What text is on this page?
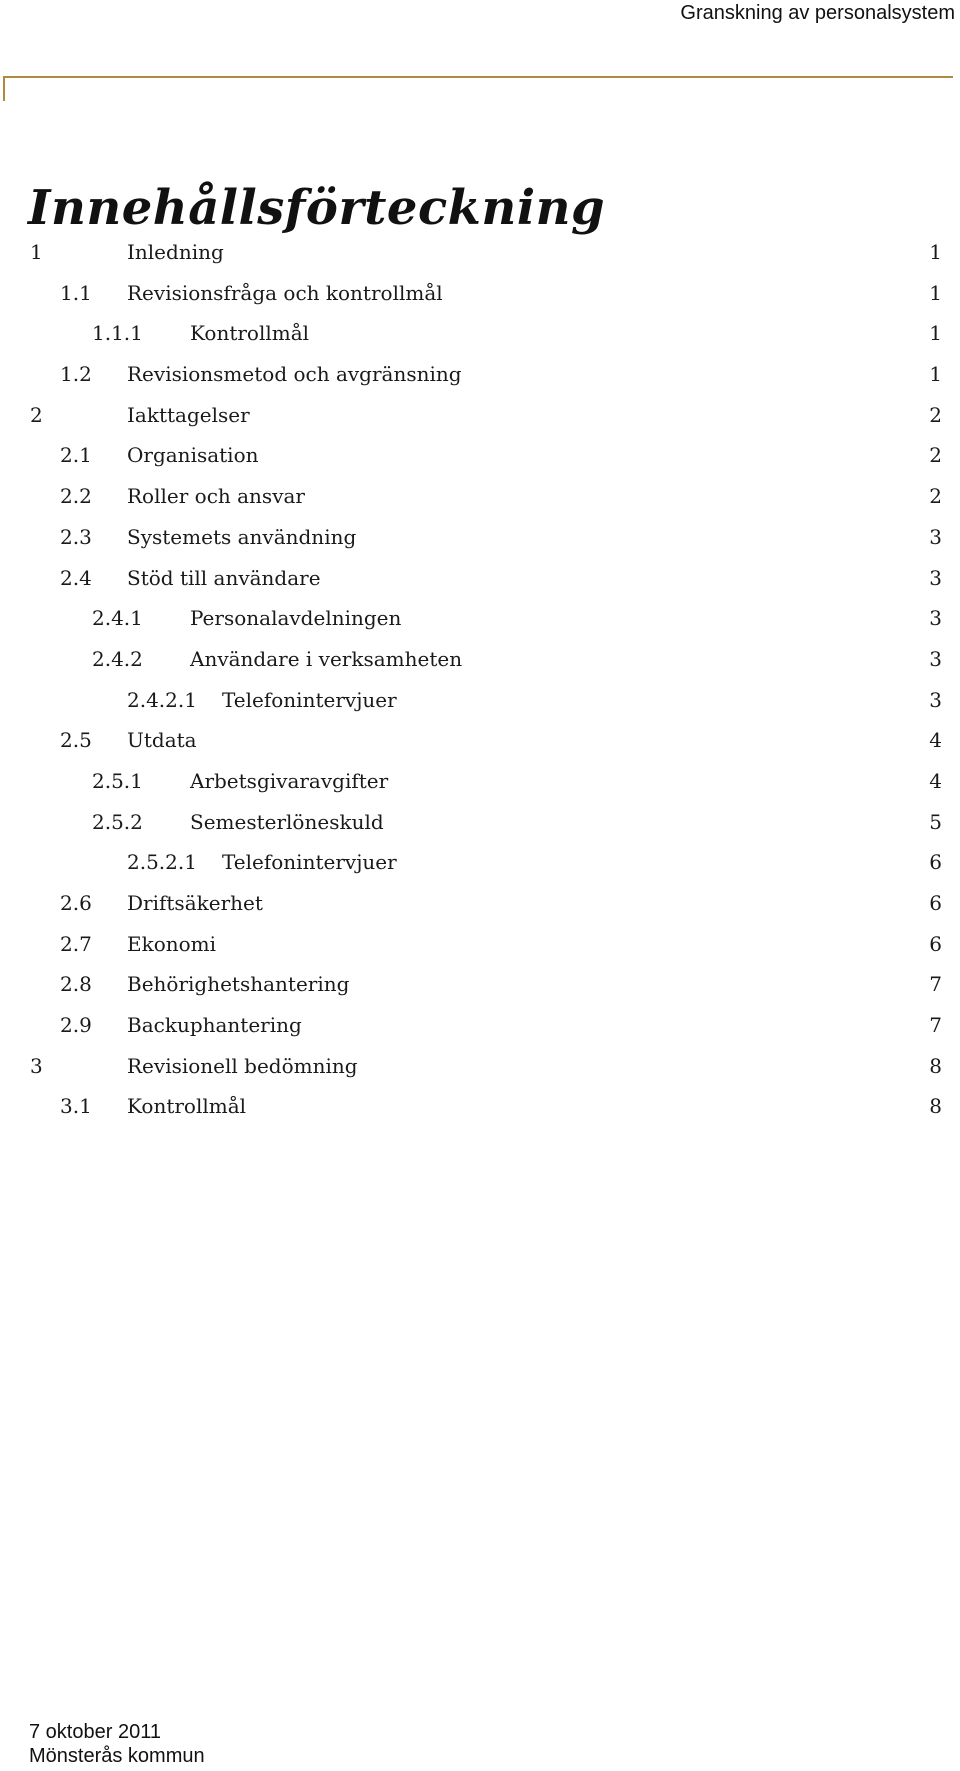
Granskning av personalsystem
Innehållsförteckning
1	Inledning	1
1.1 Revisionsfråga och kontrollmål	1
1.1.1 Kontrollmål	1
1.2 Revisionsmetod och avgränsning	1
2	Iakttagelser	2
2.1 Organisation	2
2.2 Roller och ansvar	2
2.3 Systemets användning	3
2.4 Stöd till användare	3
2.4.1 Personalavdelningen	3
2.4.2 Användare i verksamheten	3
2.4.2.1 Telefonintervjuer	3
2.5 Utdata	4
2.5.1 Arbetsgivaravgifter	4
2.5.2 Semesterlöneskuld	5
2.5.2.1 Telefonintervjuer	6
2.6 Driftsäkerhet	6
2.7 Ekonomi	6
2.8 Behörighetshantering	7
2.9 Backuphantering	7
3	Revisionell bedömning	8
3.1 Kontrollmål	8
7 oktober 2011
Mönsterås kommun
